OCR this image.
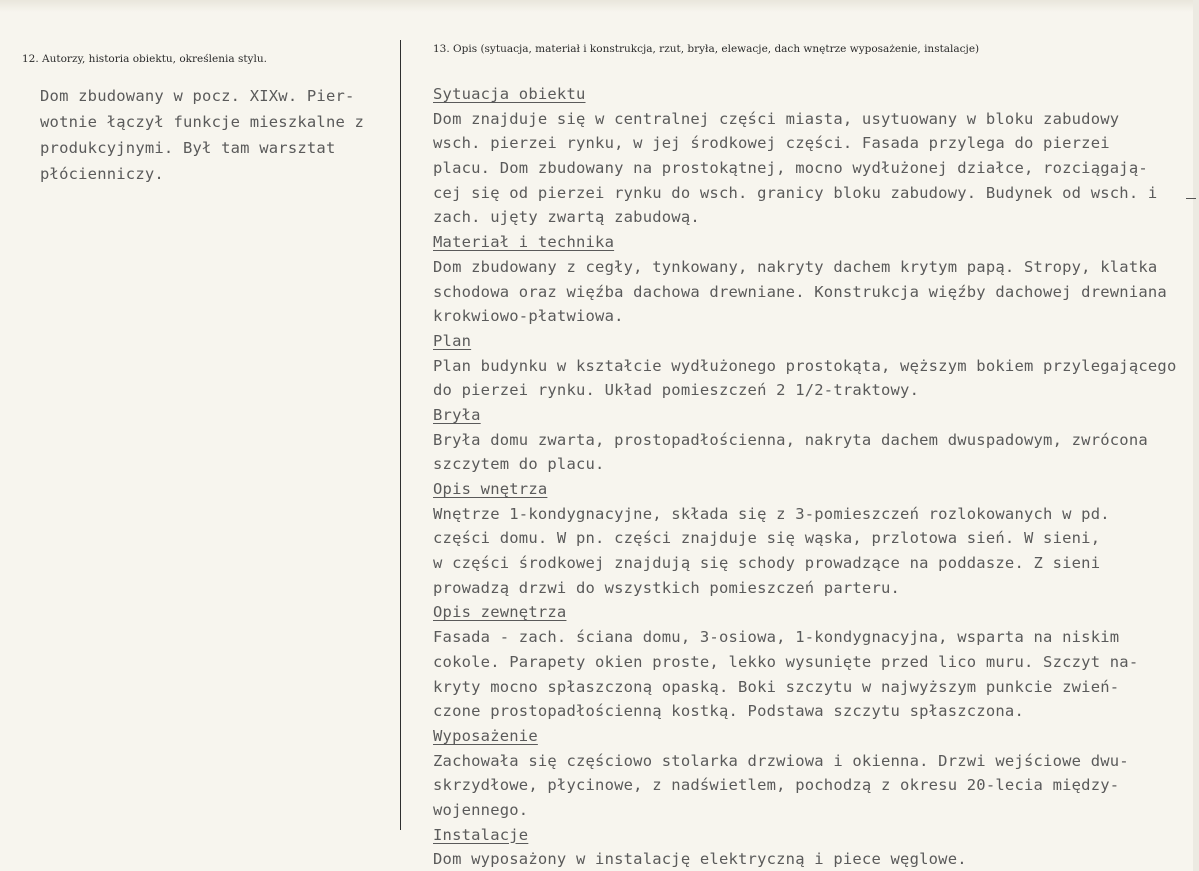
12. Autorzy, historia obiektu, określenia stylu.
13. Opis (sytuacja, materiał i konstrukcja, rzut, bryła, elewacje, dach wnętrze wyposażenie, instalacje)
Dom zbudowany w pocz. XIXw. Pier-
wotnie łączył funkcje mieszkalne z
produkcyjnymi. Był tam warsztat
płócienniczy.
Sytuacja obiektu
Dom znajduje się w centralnej części miasta, usytuowany w bloku zabudowy
wsch. pierzei rynku, w jej środkowej części. Fasada przylega do pierzei
placu. Dom zbudowany na prostokątnej, mocno wydłużonej działce, rozciągają-
cej się od pierzei rynku do wsch. granicy bloku zabudowy. Budynek od wsch. i
zach. ujęty zwartą zabudową.
Materiał i technika
Dom zbudowany z cegły, tynkowany, nakryty dachem krytym papą. Stropy, klatka
schodowa oraz więźba dachowa drewniane. Konstrukcja więźby dachowej drewniana
krokwiowo-płatwiowa.
Plan
Plan budynku w kształcie wydłużonego prostokąta, węższym bokiem przylegającego
do pierzei rynku. Układ pomieszczeń 2 1/2-traktowy.
Bryła
Bryła domu zwarta, prostopadłościenna, nakryta dachem dwuspadowym, zwrócona
szczytem do placu.
Opis wnętrza
Wnętrze 1-kondygnacyjne, składa się z 3-pomieszczeń rozlokowanych w pd.
części domu. W pn. części znajduje się wąska, przlotowa sień. W sieni,
w części środkowej znajdują się schody prowadzące na poddasze. Z sieni
prowadzą drzwi do wszystkich pomieszczeń parteru.
Opis zewnętrza
Fasada - zach. ściana domu, 3-osiowa, 1-kondygnacyjna, wsparta na niskim
cokole. Parapety okien proste, lekko wysunięte przed lico muru. Szczyt na-
kryty mocno spłaszczoną opaską. Boki szczytu w najwyższym punkcie zwień-
czone prostopadłościenną kostką. Podstawa szczytu spłaszczona.
Wyposażenie
Zachowała się częściowo stolarka drzwiowa i okienna. Drzwi wejściowe dwu-
skrzydłowe, płycinowe, z nadświetlem, pochodzą z okresu 20-lecia między-
wojennego.
Instalacje
Dom wyposażony w instalację elektryczną i piece węglowe.
